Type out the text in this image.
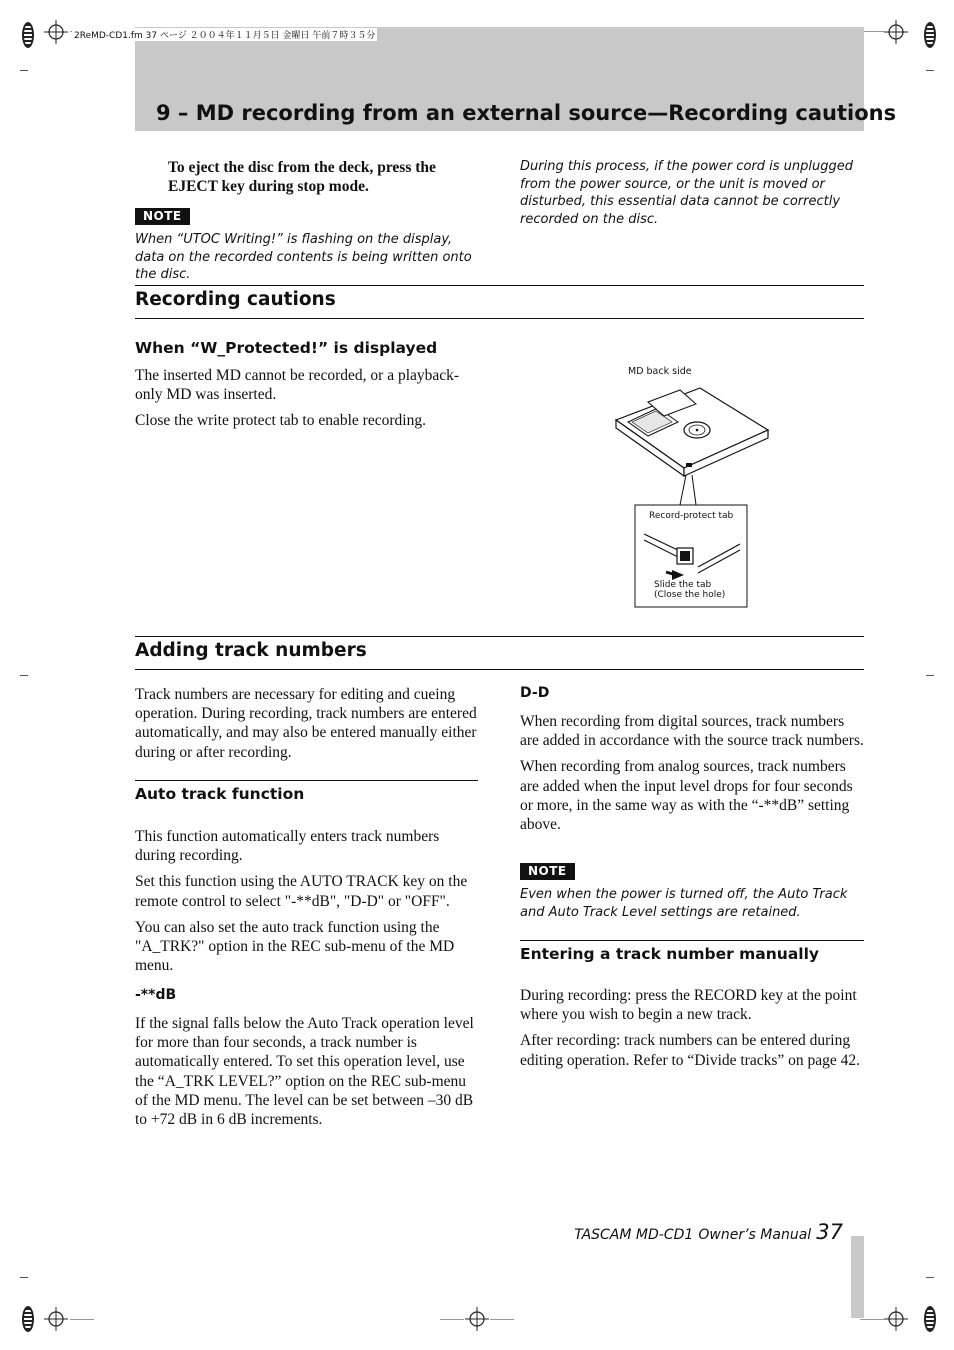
2ReMD-CD1.fm 37 ページ ２００４年１１月５日 金曜日 午前７時３５分
9 – MD recording from an external source—Recording cautions
To eject the disc from the deck, press the EJECT key during stop mode.
NOTE
When “UTOC Writing!” is flashing on the display, data on the recorded contents is being written onto the disc.
During this process, if the power cord is unplugged from the power source, or the unit is moved or disturbed, this essential data cannot be correctly recorded on the disc.
Recording cautions
When “W_Protected!” is displayed

The inserted MD cannot be recorded, or a playback-only MD was inserted.

Close the write protect tab to enable recording.

MD back side
Record-protect tab
Slide the tab
(Close the hole)
Adding track numbers
Track numbers are necessary for editing and cueing operation. During recording, track numbers are entered automatically, and may also be entered manually either during or after recording.
Auto track function

This function automatically enters track numbers during recording.

Set this function using the AUTO TRACK key on the remote control to select "-**dB", "D-D" or "OFF".

You can also set the auto track function using the "A_TRK?" option in the REC sub-menu of the MD menu.

-**dB
If the signal falls below the Auto Track operation level for more than four seconds, a track number is automatically entered. To set this operation level, use the “A_TRK LEVEL?” option on the REC sub-menu of the MD menu. The level can be set between –30 dB to +72 dB in 6 dB increments.
D-D

When recording from digital sources, track numbers are added in accordance with the source track numbers.

When recording from analog sources, track numbers are added when the input level drops for four seconds or more, in the same way as with the “-**dB” setting above.

NOTE
Even when the power is turned off, the Auto Track and Auto Track Level settings are retained.
Entering a track number manually

During recording: press the RECORD key at the point where you wish to begin a new track.

After recording: track numbers can be entered during editing operation. Refer to “Divide tracks” on page 42.

TASCAM MD-CD1 Owner’s Manual 37
